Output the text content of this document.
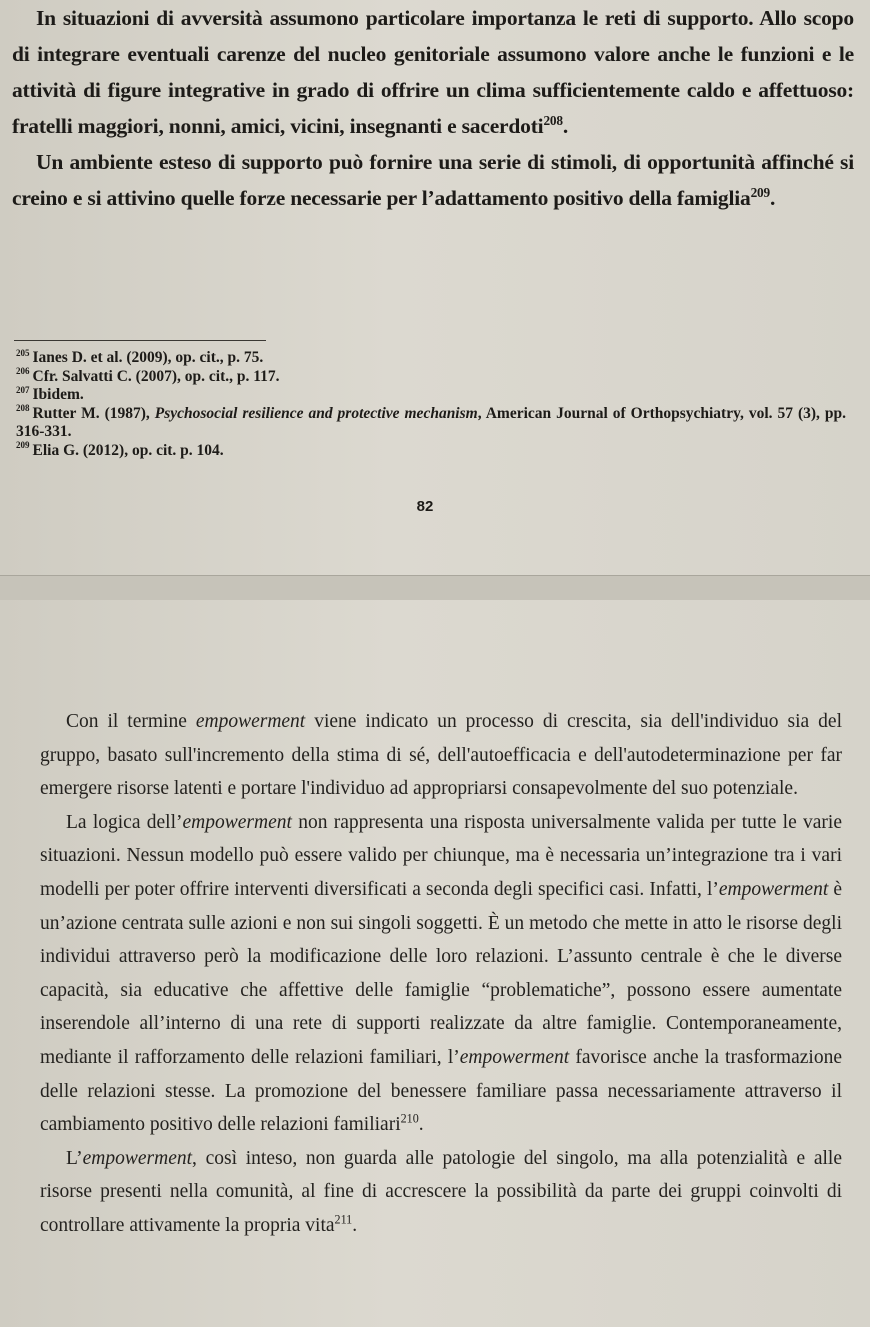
In situazioni di avversità assumono particolare importanza le reti di supporto. Allo scopo di integrare eventuali carenze del nucleo genitoriale assumono valore anche le funzioni e le attività di figure integrative in grado di offrire un clima sufficientemente caldo e affettuoso: fratelli maggiori, nonni, amici, vicini, insegnanti e sacerdoti$^{208}$.

Un ambiente esteso di supporto può fornire una serie di stimoli, di opportunità affinché si creino e si attivino quelle forze necessarie per l’adattamento positivo della famiglia$^{209}$.

$^{205}$ Ianes D. et al. (2009), op. cit., p. 75.

$^{206}$ Cfr. Salvatti C. (2007), op. cit., p. 117.

$^{207}$ Ibidem.

$^{208}$ Rutter M. (1987), Psychosocial resilience and protective mechanism, American Journal of Orthopsychiatry, vol. 57 (3), pp. 316-331.

$^{209}$ Elia G. (2012), op. cit. p. 104.

82

Con il termine empowerment viene indicato un processo di crescita, sia dell'individuo sia del gruppo, basato sull'incremento della stima di sé, dell'autoefficacia e dell'autodeterminazione per far emergere risorse latenti e portare l'individuo ad appropriarsi consapevolmente del suo potenziale.

La logica dell’empowerment non rappresenta una risposta universalmente valida per tutte le varie situazioni. Nessun modello può essere valido per chiunque, ma è necessaria un’integrazione tra i vari modelli per poter offrire interventi diversificati a seconda degli specifici casi. Infatti, l’empowerment è un’azione centrata sulle azioni e non sui singoli soggetti. È un metodo che mette in atto le risorse degli individui attraverso però la modificazione delle loro relazioni. L’assunto centrale è che le diverse capacità, sia educative che affettive delle famiglie “problematiche”, possono essere aumentate inserendole all’interno di una rete di supporti realizzate da altre famiglie. Contemporaneamente, mediante il rafforzamento delle relazioni familiari, l’empowerment favorisce anche la trasformazione delle relazioni stesse. La promozione del benessere familiare passa necessariamente attraverso il cambiamento positivo delle relazioni familiari$^{210}$.

L’empowerment, così inteso, non guarda alle patologie del singolo, ma alla potenzialità e alle risorse presenti nella comunità, al fine di accrescere la possibilità da parte dei gruppi coinvolti di controllare attivamente la propria vita$^{211}$.
